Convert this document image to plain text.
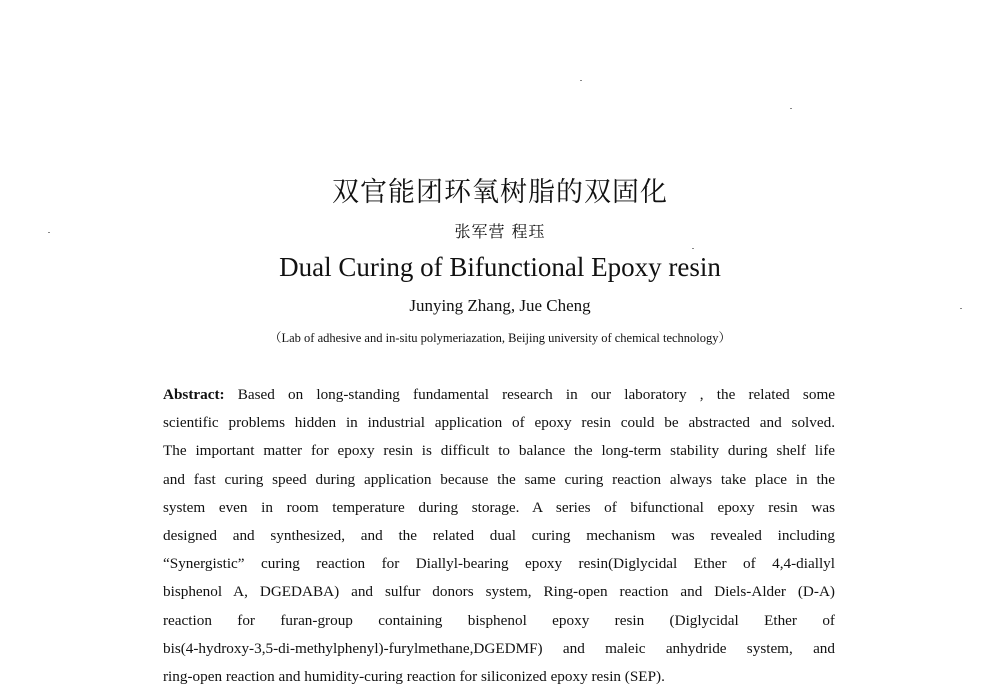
双官能团环氧树脂的双固化
张军营 程珏
Dual Curing of Bifunctional Epoxy resin
Junying Zhang, Jue Cheng
（Lab of adhesive and in-situ polymeriazation, Beijing university of chemical technology）
Abstract: Based on long-standing fundamental research in our laboratory , the related some
scientific problems hidden in industrial application of epoxy resin could be abstracted and solved.
The important matter for epoxy resin is difficult to balance the long-term stability during shelf life
and fast curing speed during application because the same curing reaction always take place in the
system even in room temperature during storage. A series of bifunctional epoxy resin was
designed and synthesized, and the related dual curing mechanism was revealed including
“Synergistic” curing reaction for Diallyl-bearing epoxy resin(Diglycidal Ether of 4,4-diallyl
bisphenol A, DGEDABA) and sulfur donors system, Ring-open reaction and Diels-Alder (D-A)
reaction for furan-group containing bisphenol epoxy resin (Diglycidal Ether of
bis(4-hydroxy-3,5-di-methylphenyl)-furylmethane,DGEDMF) and maleic anhydride system, and
ring-open reaction and humidity-curing reaction for siliconized epoxy resin (SEP).
